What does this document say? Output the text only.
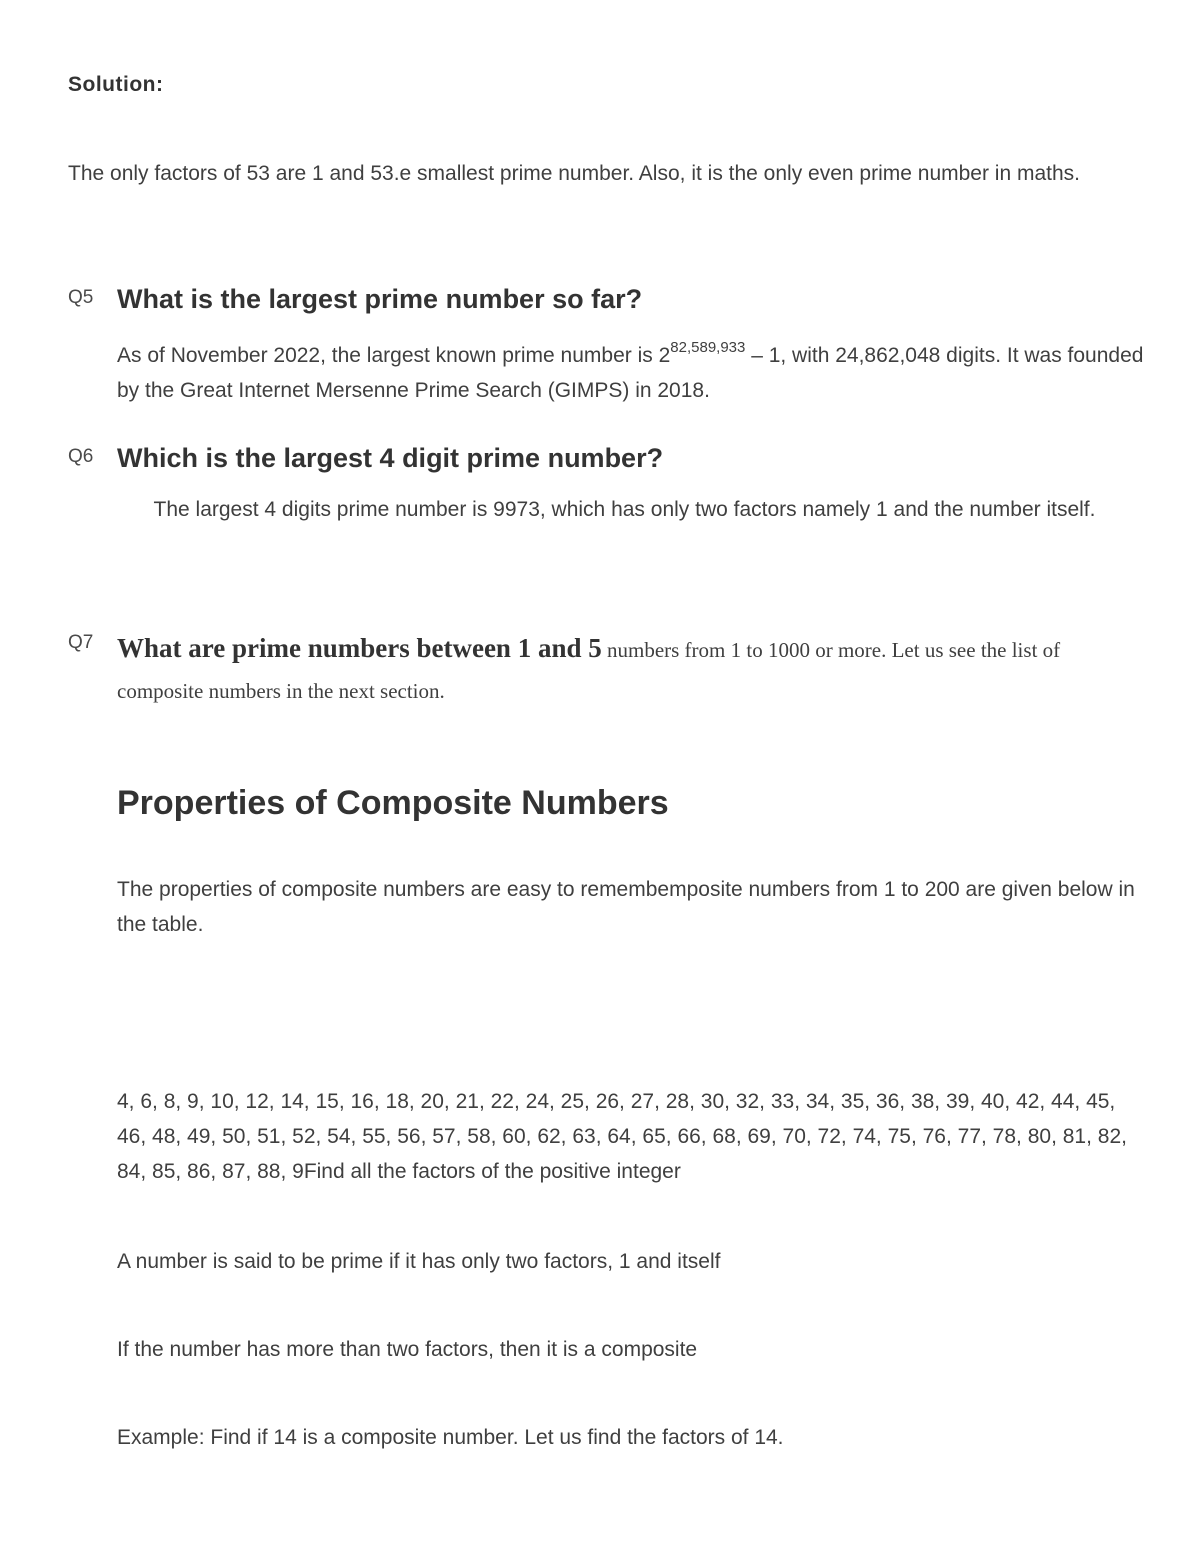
Solution:
The only factors of 53 are 1 and 53.e smallest prime number. Also, it is the only even prime number in maths.
Q5 What is the largest prime number so far?
As of November 2022, the largest known prime number is 2$^{82,589,933}$ – 1, with 24,862,048 digits. It was founded by the Great Internet Mersenne Prime Search (GIMPS) in 2018.
Q6 Which is the largest 4 digit prime number?
The largest 4 digits prime number is 9973, which has only two factors namely 1 and the number itself.
Q7 What are prime numbers between 1 and 5 numbers from 1 to 1000 or more. Let us see the list of composite numbers in the next section.
Properties of Composite Numbers
The properties of composite numbers are easy to remembemposite numbers from 1 to 200 are given below in the table.
4, 6, 8, 9, 10, 12, 14, 15, 16, 18, 20, 21, 22, 24, 25, 26, 27, 28, 30, 32, 33, 34, 35, 36, 38, 39, 40, 42, 44, 45, 46, 48, 49, 50, 51, 52, 54, 55, 56, 57, 58, 60, 62, 63, 64, 65, 66, 68, 69, 70, 72, 74, 75, 76, 77, 78, 80, 81, 82, 84, 85, 86, 87, 88, 9Find all the factors of the positive integer
A number is said to be prime if it has only two factors, 1 and itself
If the number has more than two factors, then it is a composite
Example: Find if 14 is a composite number. Let us find the factors of 14.
